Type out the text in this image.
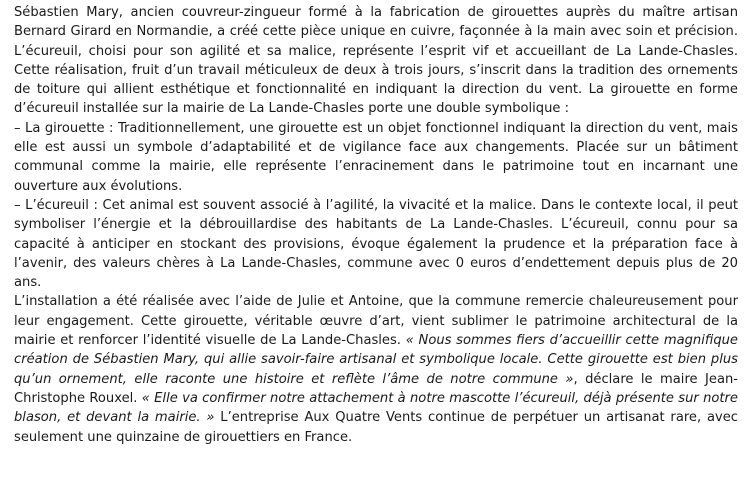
Sébastien Mary, ancien couvreur-zingueur formé à la fabrication de girouettes auprès du maître artisan Bernard Girard en Normandie, a créé cette pièce unique en cuivre, façonnée à la main avec soin et précision. L’écureuil, choisi pour son agilité et sa malice, représente l’esprit vif et accueillant de La Lande-Chasles. Cette réalisation, fruit d’un travail méticuleux de deux à trois jours, s’inscrit dans la tradition des ornements de toiture qui allient esthétique et fonctionnalité en indiquant la direction du vent. La girouette en forme d’écureuil installée sur la mairie de La Lande-Chasles porte une double symbolique :

– La girouette : Traditionnellement, une girouette est un objet fonctionnel indiquant la direction du vent, mais elle est aussi un symbole d’adaptabilité et de vigilance face aux changements. Placée sur un bâtiment communal comme la mairie, elle représente l’enracinement dans le patrimoine tout en incarnant une ouverture aux évolutions.

– L’écureuil : Cet animal est souvent associé à l’agilité, la vivacité et la malice. Dans le contexte local, il peut symboliser l’énergie et la débrouillardise des habitants de La Lande-Chasles. L’écureuil, connu pour sa capacité à anticiper en stockant des provisions, évoque également la prudence et la préparation face à l’avenir, des valeurs chères à La Lande-Chasles, commune avec 0 euros d’endettement depuis plus de 20 ans.

L’installation a été réalisée avec l’aide de Julie et Antoine, que la commune remercie chaleureusement pour leur engagement. Cette girouette, véritable œuvre d’art, vient sublimer le patrimoine architectural de la mairie et renforcer l’identité visuelle de La Lande-Chasles. « Nous sommes fiers d’accueillir cette magnifique création de Sébastien Mary, qui allie savoir-faire artisanal et symbolique locale. Cette girouette est bien plus qu’un ornement, elle raconte une histoire et reflète l’âme de notre commune », déclare le maire Jean-Christophe Rouxel. « Elle va confirmer notre attachement à notre mascotte l’écureuil, déjà présente sur notre blason, et devant la mairie. » L’entreprise Aux Quatre Vents continue de perpétuer un artisanat rare, avec seulement une quinzaine de girouettiers en France.
